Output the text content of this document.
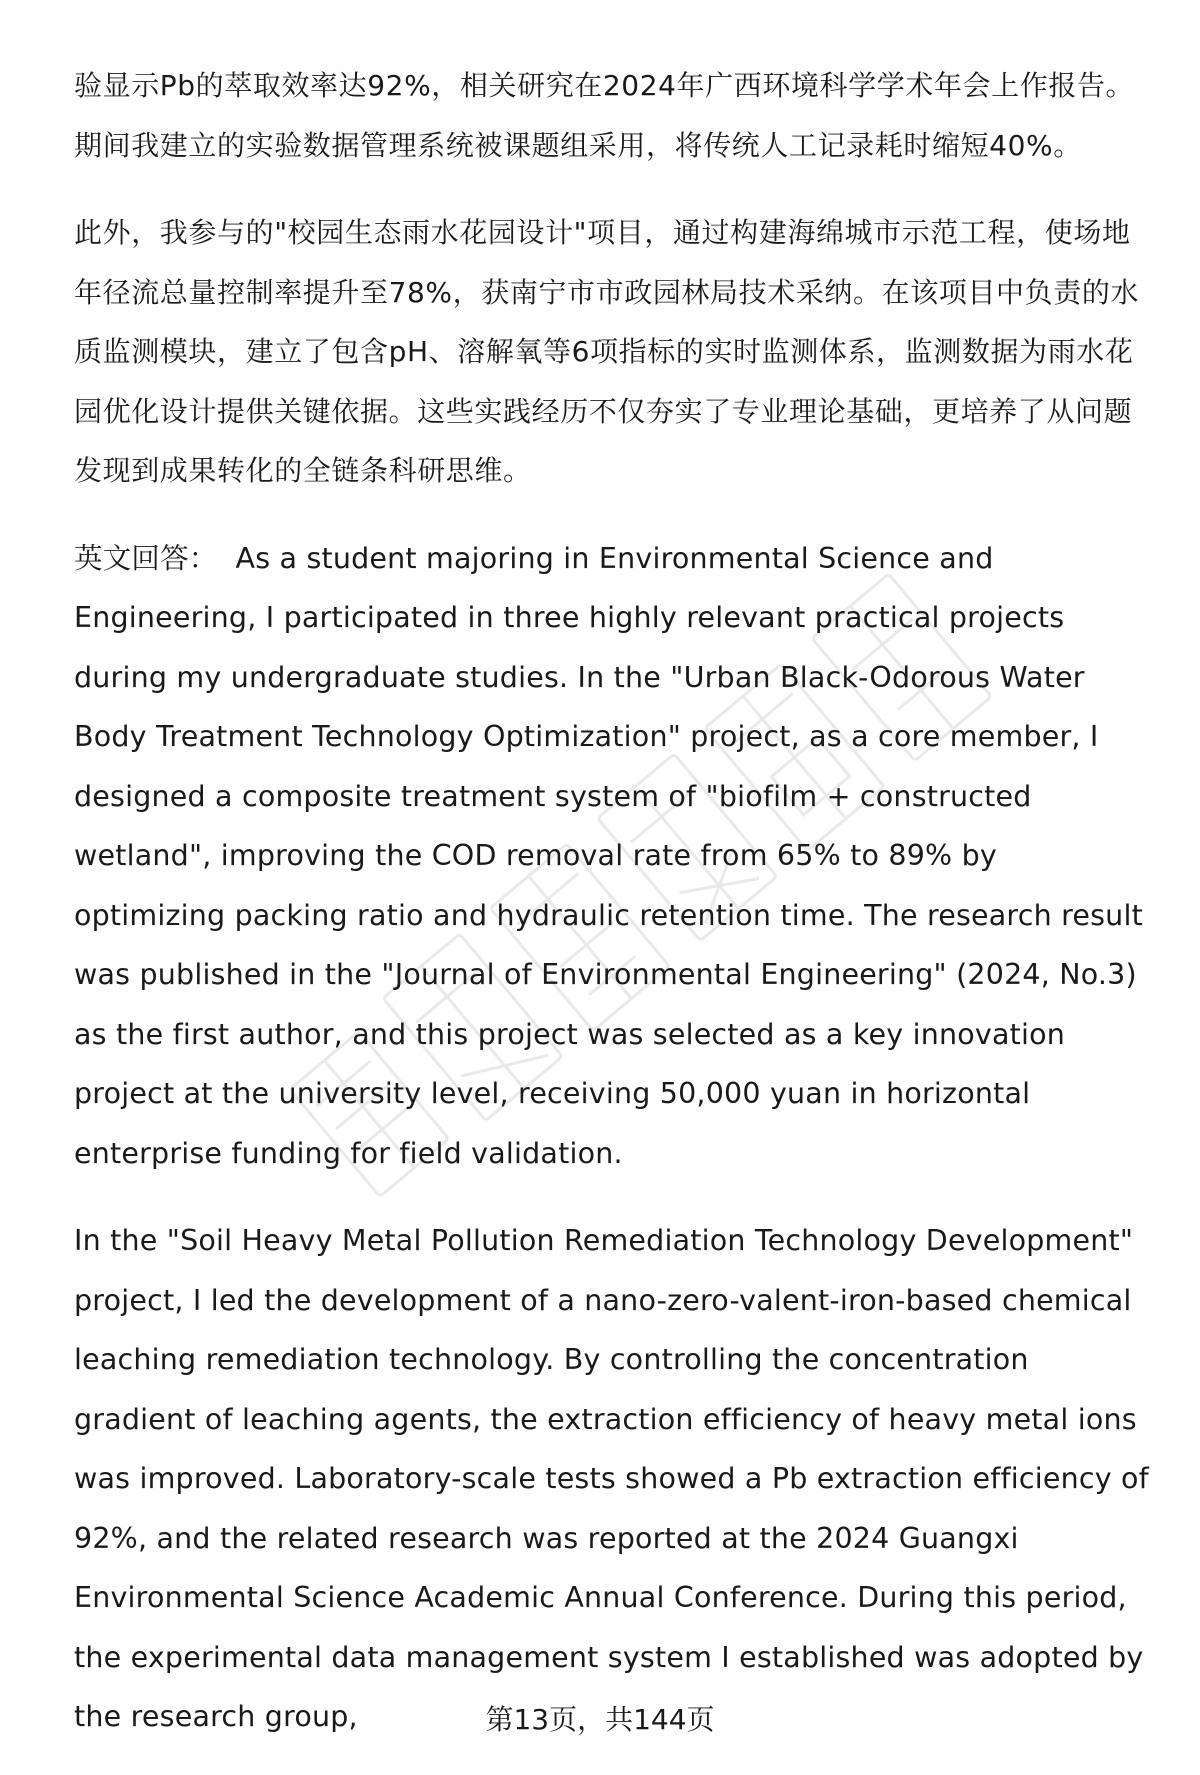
验显示Pb的萃取效率达92%，相关研究在2024年广西环境科学学术年会上作报告。期间我建立的实验数据管理系统被课题组采用，将传统人工记录耗时缩短40%。

此外，我参与的"校园生态雨水花园设计"项目，通过构建海绵城市示范工程，使场地年径流总量控制率提升至78%，获南宁市市政园林局技术采纳。在该项目中负责的水质监测模块，建立了包含pH、溶解氧等6项指标的实时监测体系，监测数据为雨水花园优化设计提供关键依据。这些实践经历不仅夯实了专业理论基础，更培养了从问题发现到成果转化的全链条科研思维。

英文回答： As a student majoring in Environmental Science and Engineering, I participated in three highly relevant practical projects during my undergraduate studies. In the "Urban Black-Odorous Water Body Treatment Technology Optimization" project, as a core member, I designed a composite treatment system of "biofilm + constructed wetland", improving the COD removal rate from 65% to 89% by optimizing packing ratio and hydraulic retention time. The research result was published in the "Journal of Environmental Engineering" (2024, No.3) as the first author, and this project was selected as a key innovation project at the university level, receiving 50,000 yuan in horizontal enterprise funding for field validation.

In the "Soil Heavy Metal Pollution Remediation Technology Development" project, I led the development of a nano-zero-valent-iron-based chemical leaching remediation technology. By controlling the concentration gradient of leaching agents, the extraction efficiency of heavy metal ions was improved. Laboratory-scale tests showed a Pb extraction efficiency of 92%, and the related research was reported at the 2024 Guangxi Environmental Science Academic Annual Conference. During this period, the experimental data management system I established was adopted by the research group,	第13页，共144页
